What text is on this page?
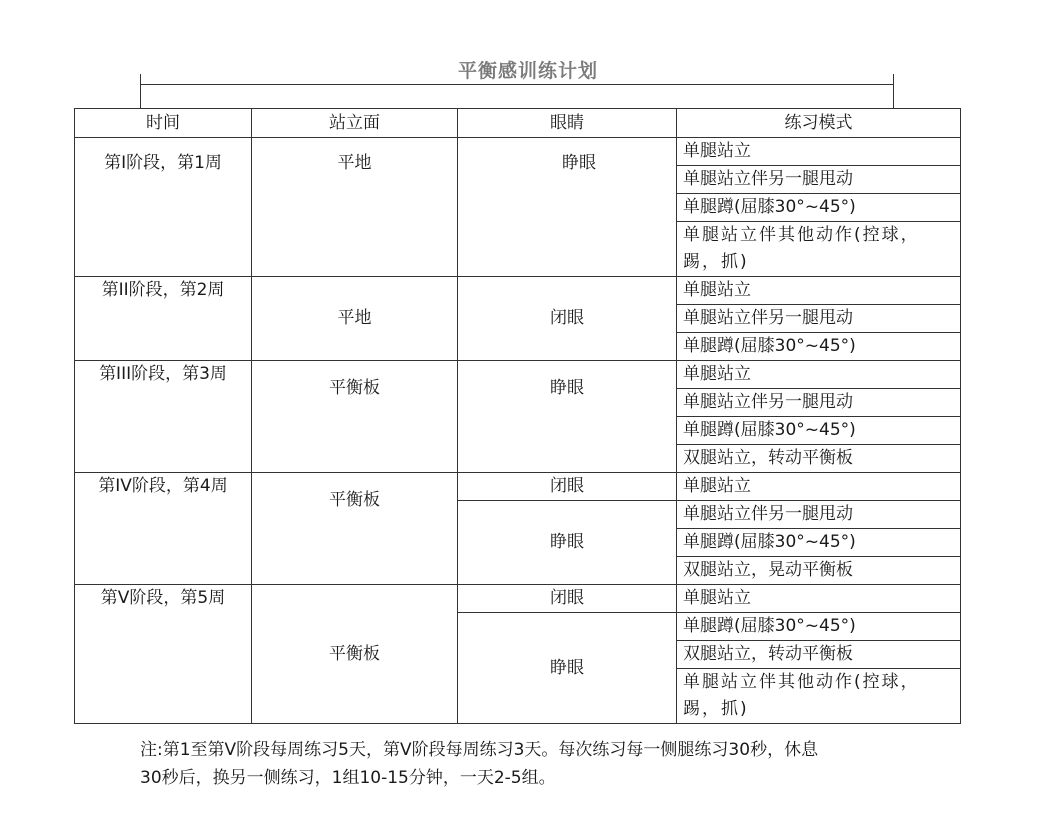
平衡感训练计划
时间	站立面	眼睛	练习模式
第I阶段，第1周	平地	睁眼	单腿站立
			单腿站立伴另一腿甩动
			单腿蹲(屈膝30°~45°)
			单腿站立伴其他动作(控球，踢，抓)

第II阶段，第2周	平地	闭眼	单腿站立
			单腿站立伴另一腿甩动
			单腿蹲(屈膝30°~45°)
第III阶段，第3周	平衡板	睁眼	单腿站立
			单腿站立伴另一腿甩动
			单腿蹲(屈膝30°~45°)
			双腿站立，转动平衡板
第IV阶段，第4周	平衡板	闭眼	单腿站立
		睁眼	单腿站立伴另一腿甩动
			单腿蹲(屈膝30°~45°)
			双腿站立，晃动平衡板
第V阶段，第5周	平衡板	闭眼	单腿站立
		睁眼	单腿蹲(屈膝30°~45°)
			双腿站立，转动平衡板
			单腿站立伴其他动作(控球，踢，抓)

注:第1至第V阶段每周练习5天，第V阶段每周练习3天。每次练习每一侧腿练习30秒，休息
30秒后，换另一侧练习，1组10-15分钟，一天2-5组。
